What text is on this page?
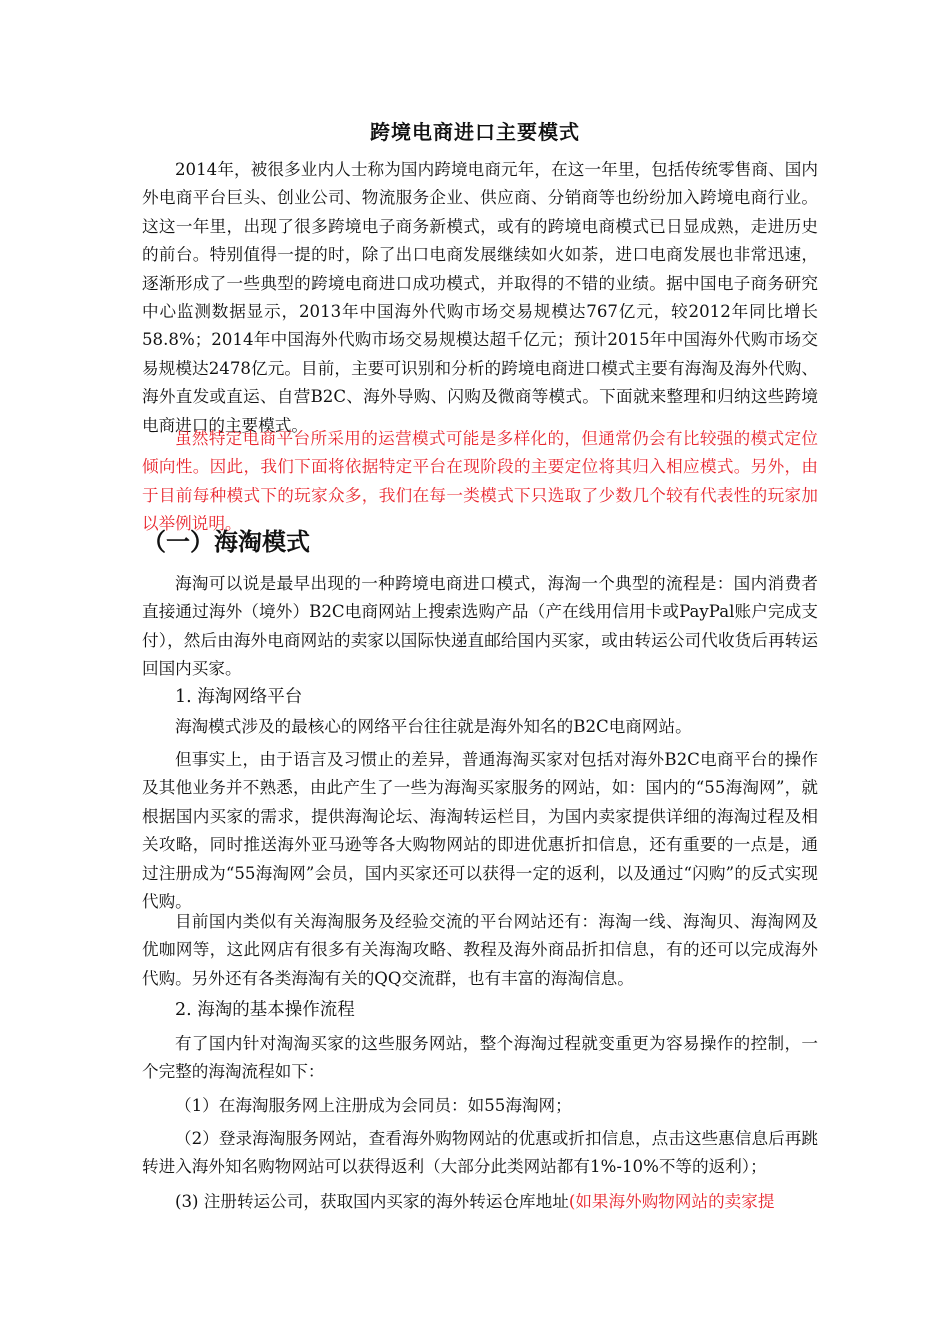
跨境电商进口主要模式

2014年，被很多业内人士称为国内跨境电商元年，在这一年里，包括传统零售商、国内外电商平台巨头、创业公司、物流服务企业、供应商、分销商等也纷纷加入跨境电商行业。这这一年里，出现了很多跨境电子商务新模式，或有的跨境电商模式已日显成熟，走进历史的前台。特别值得一提的时，除了出口电商发展继续如火如荼，进口电商发展也非常迅速，逐渐形成了一些典型的跨境电商进口成功模式，并取得的不错的业绩。据中国电子商务研究中心监测数据显示，2013年中国海外代购市场交易规模达767亿元，较2012年同比增长58.8%；2014年中国海外代购市场交易规模达超千亿元；预计2015年中国海外代购市场交易规模达2478亿元。目前，主要可识别和分析的跨境电商进口模式主要有海淘及海外代购、海外直发或直运、自营B2C、海外导购、闪购及微商等模式。下面就来整理和归纳这些跨境电商进口的主要模式。

虽然特定电商平台所采用的运营模式可能是多样化的，但通常仍会有比较强的模式定位倾向性。因此，我们下面将依据特定平台在现阶段的主要定位将其归入相应模式。另外，由于目前每种模式下的玩家众多，我们在每一类模式下只选取了少数几个较有代表性的玩家加以举例说明。

（一）海淘模式

海淘可以说是最早出现的一种跨境电商进口模式，海淘一个典型的流程是：国内消费者直接通过海外（境外）B2C电商网站上搜索选购产品（产在线用信用卡或PayPal账户完成支付），然后由海外电商网站的卖家以国际快递直邮给国内买家，或由转运公司代收货后再转运回国内买家。

1. 海淘网络平台

海淘模式涉及的最核心的网络平台往往就是海外知名的B2C电商网站。

但事实上，由于语言及习惯止的差异，普通海淘买家对包括对海外B2C电商平台的操作及其他业务并不熟悉，由此产生了一些为海淘买家服务的网站，如：国内的“55海淘网”，就根据国内买家的需求，提供海淘论坛、海淘转运栏目，为国内卖家提供详细的海淘过程及相关攻略，同时推送海外亚马逊等各大购物网站的即进优惠折扣信息，还有重要的一点是，通过注册成为“55海淘网”会员，国内买家还可以获得一定的返利，以及通过“闪购”的反式实现代购。

目前国内类似有关海淘服务及经验交流的平台网站还有：海淘一线、海淘贝、海淘网及优咖网等，这此网店有很多有关海淘攻略、教程及海外商品折扣信息，有的还可以完成海外代购。另外还有各类海淘有关的QQ交流群，也有丰富的海淘信息。

2. 海淘的基本操作流程

有了国内针对淘淘买家的这些服务网站，整个海淘过程就变重更为容易操作的控制，一个完整的海淘流程如下：

（1）在海淘服务网上注册成为会同员：如55海淘网；

（2）登录海淘服务网站，查看海外购物网站的优惠或折扣信息，点击这些惠信息后再跳转进入海外知名购物网站可以获得返利（大部分此类网站都有1%-10%不等的返利）；

(3) 注册转运公司，获取国内买家的海外转运仓库地址(如果海外购物网站的卖家提
